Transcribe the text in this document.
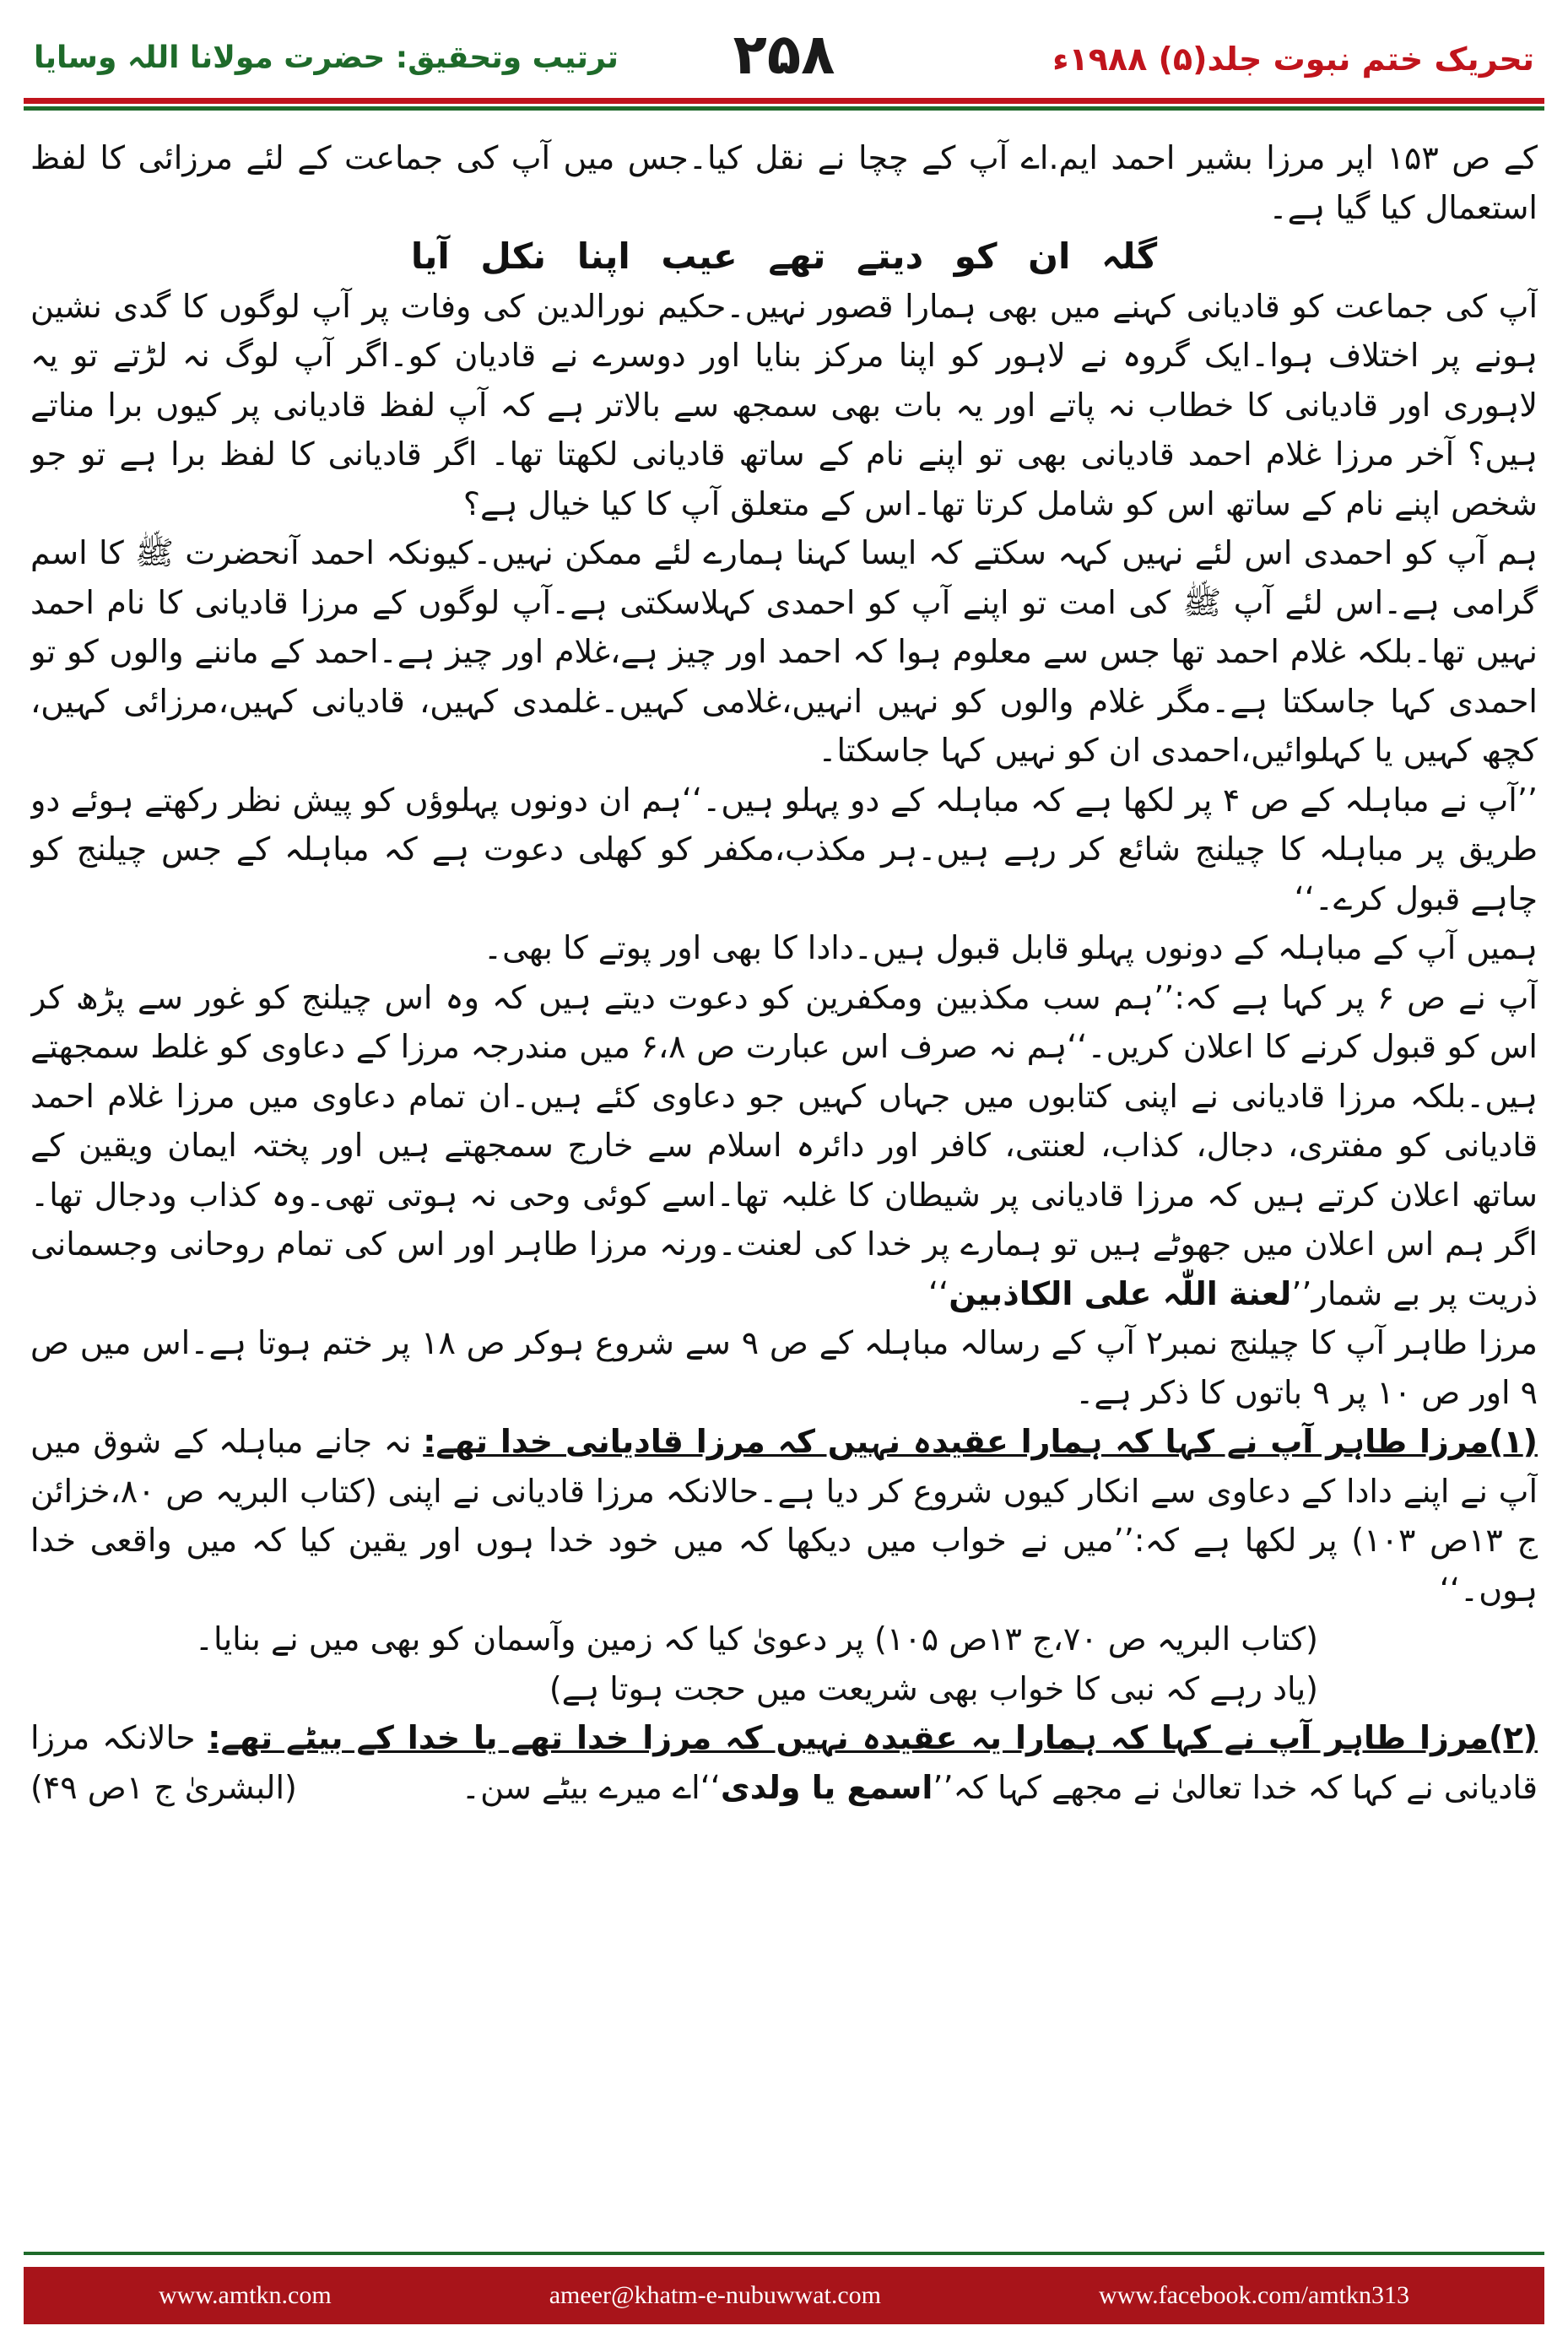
تحریک ختم نبوت جلد(۵) ۱۹۸۸ء
۲۵۸
ترتیب وتحقیق: حضرت مولانا اللہ وسایا

کے ص ۱۵۳ اپر مرزا بشیر احمد ایم.اے آپ کے چچا نے نقل کیا۔جس میں آپ کی جماعت کے لئے مرزائی کا لفظ استعمال کیا گیا ہے۔

گلہ ان کو دیتے تھے عیب اپنا نکل آیا

آپ کی جماعت کو قادیانی کہنے میں بھی ہمارا قصور نہیں۔حکیم نورالدین کی وفات پر آپ لوگوں کا گدی نشین ہونے پر اختلاف ہوا۔ایک گروہ نے لاہور کو اپنا مرکز بنایا اور دوسرے نے قادیان کو۔اگر آپ لوگ نہ لڑتے تو یہ لاہوری اور قادیانی کا خطاب نہ پاتے اور یہ بات بھی سمجھ سے بالاتر ہے کہ آپ لفظ قادیانی پر کیوں برا مناتے ہیں؟ آخر مرزا غلام احمد قادیانی بھی تو اپنے نام کے ساتھ قادیانی لکھتا تھا۔ اگر قادیانی کا لفظ برا ہے تو جو شخص اپنے نام کے ساتھ اس کو شامل کرتا تھا۔اس کے متعلق آپ کا کیا خیال ہے؟

ہم آپ کو احمدی اس لئے نہیں کہہ سکتے کہ ایسا کہنا ہمارے لئے ممکن نہیں۔کیونکہ احمد آنحضرت ﷺ کا اسم گرامی ہے۔اس لئے آپ ﷺ کی امت تو اپنے آپ کو احمدی کہلاسکتی ہے۔آپ لوگوں کے مرزا قادیانی کا نام احمد نہیں تھا۔بلکہ غلام احمد تھا جس سے معلوم ہوا کہ احمد اور چیز ہے،غلام اور چیز ہے۔احمد کے ماننے والوں کو تو احمدی کہا جاسکتا ہے۔مگر غلام والوں کو نہیں انہیں،غلامی کہیں۔غلمدی کہیں، قادیانی کہیں،مرزائی کہیں، کچھ کہیں یا کہلوائیں،احمدی ان کو نہیں کہا جاسکتا۔

’’آپ نے مباہلہ کے ص ۴ پر لکھا ہے کہ مباہلہ کے دو پہلو ہیں۔‘‘ہم ان دونوں پہلوؤں کو پیش نظر رکھتے ہوئے دو طریق پر مباہلہ کا چیلنج شائع کر رہے ہیں۔ہر مکذب،مکفر کو کھلی دعوت ہے کہ مباہلہ کے جس چیلنج کو چاہے قبول کرے۔‘‘

ہمیں آپ کے مباہلہ کے دونوں پہلو قابل قبول ہیں۔دادا کا بھی اور پوتے کا بھی۔

آپ نے ص ۶ پر کہا ہے کہ:’’ہم سب مکذبین ومکفرین کو دعوت دیتے ہیں کہ وہ اس چیلنج کو غور سے پڑھ کر اس کو قبول کرنے کا اعلان کریں۔‘‘ہم نہ صرف اس عبارت ص ۶،۸ میں مندرجہ مرزا کے دعاوی کو غلط سمجھتے ہیں۔بلکہ مرزا قادیانی نے اپنی کتابوں میں جہاں کہیں جو دعاوی کئے ہیں۔ان تمام دعاوی میں مرزا غلام احمد قادیانی کو مفتری، دجال، کذاب، لعنتی، کافر اور دائرہ اسلام سے خارج سمجھتے ہیں اور پختہ ایمان ویقین کے ساتھ اعلان کرتے ہیں کہ مرزا قادیانی پر شیطان کا غلبہ تھا۔اسے کوئی وحی نہ ہوتی تھی۔وہ کذاب ودجال تھا۔ اگر ہم اس اعلان میں جھوٹے ہیں تو ہمارے پر خدا کی لعنت۔ورنہ مرزا طاہر اور اس کی تمام روحانی وجسمانی ذریت پر بے شمار’’لعنة اللّٰہ علی الکاذبین‘‘

مرزا طاہر آپ کا چیلنج نمبر۲ آپ کے رسالہ مباہلہ کے ص ۹ سے شروع ہوکر ص ۱۸ پر ختم ہوتا ہے۔اس میں ص ۹ اور ص ۱۰ پر ۹ باتوں کا ذکر ہے۔

(۱)مرزا طاہر آپ نے کہا کہ ہمارا عقیدہ نہیں کہ مرزا قادیانی خدا تھے: نہ جانے مباہلہ کے شوق میں آپ نے اپنے دادا کے دعاوی سے انکار کیوں شروع کر دیا ہے۔حالانکہ مرزا قادیانی نے اپنی (کتاب البریہ ص ۸۰،خزائن ج ۱۳ص ۱۰۳) پر لکھا ہے کہ:’’میں نے خواب میں دیکھا کہ میں خود خدا ہوں اور یقین کیا کہ میں واقعی خدا ہوں۔‘‘

(کتاب البریہ ص ۷۰،ج ۱۳ص ۱۰۵) پر دعویٰ کیا کہ زمین وآسمان کو بھی میں نے بنایا۔

(یاد رہے کہ نبی کا خواب بھی شریعت میں حجت ہوتا ہے)

(۲)مرزا طاہر آپ نے کہا کہ ہمارا یہ عقیدہ نہیں کہ مرزا خدا تھے یا خدا کے بیٹے تھے: حالانکہ مرزا قادیانی نے کہا کہ خدا تعالیٰ نے مجھے کہا کہ’’اسمع یا ولدی‘‘اے میرے بیٹے سن۔
(البشریٰ ج ۱ص ۴۹)

www.amtkn.com	ameer@khatm-e-nubuwwat.com	www.facebook.com/amtkn313
